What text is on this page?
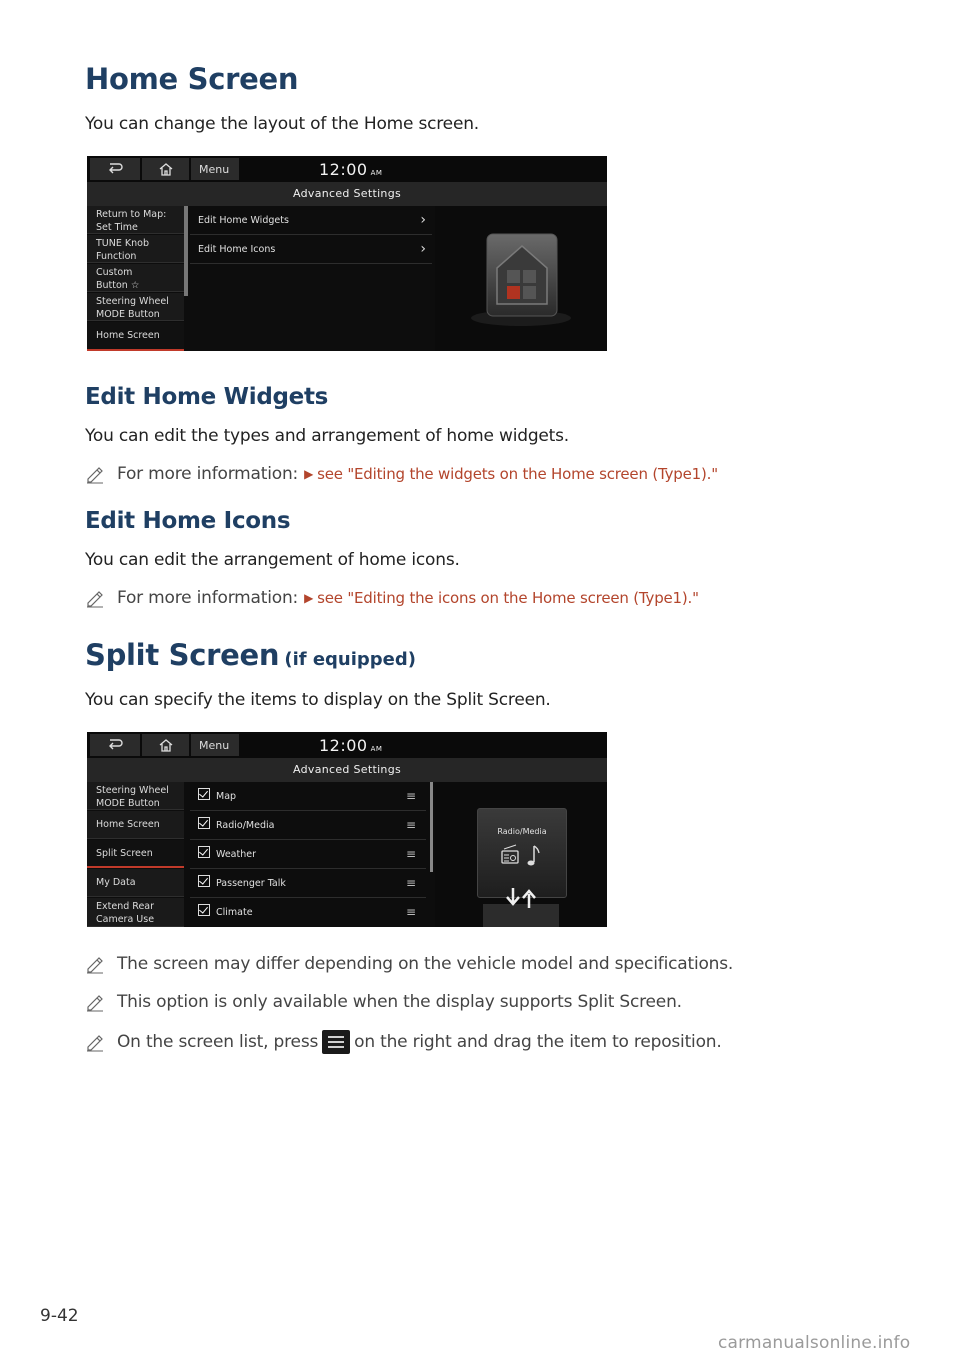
Home Screen
You can change the layout of the Home screen.
Menu	12:00 AM
Advanced Settings
Return to Map:
Set Time
TUNE Knob
Function
Custom
Button ☆
Steering Wheel
MODE Button
Home Screen
Edit Home Widgets	›
Edit Home Icons	›
Edit Home Widgets
You can edit the types and arrangement of home widgets.
For more information: ▶ see "Editing the widgets on the Home screen (Type1)."
Edit Home Icons
You can edit the arrangement of home icons.
For more information: ▶ see "Editing the icons on the Home screen (Type1)."
Split Screen (if equipped)
You can specify the items to display on the Split Screen.
Menu	12:00 AM
Advanced Settings
Steering Wheel
MODE Button
Home Screen
Split Screen
My Data
Extend Rear
Camera Use
Map	≡
Radio/Media	≡
Weather	≡
Passenger Talk	≡
Climate	≡
Radio/Media
The screen may differ depending on the vehicle model and specifications.
This option is only available when the display supports Split Screen.
On the screen list, press on the right and drag the item to reposition.
9-42
carmanualsonline.info
